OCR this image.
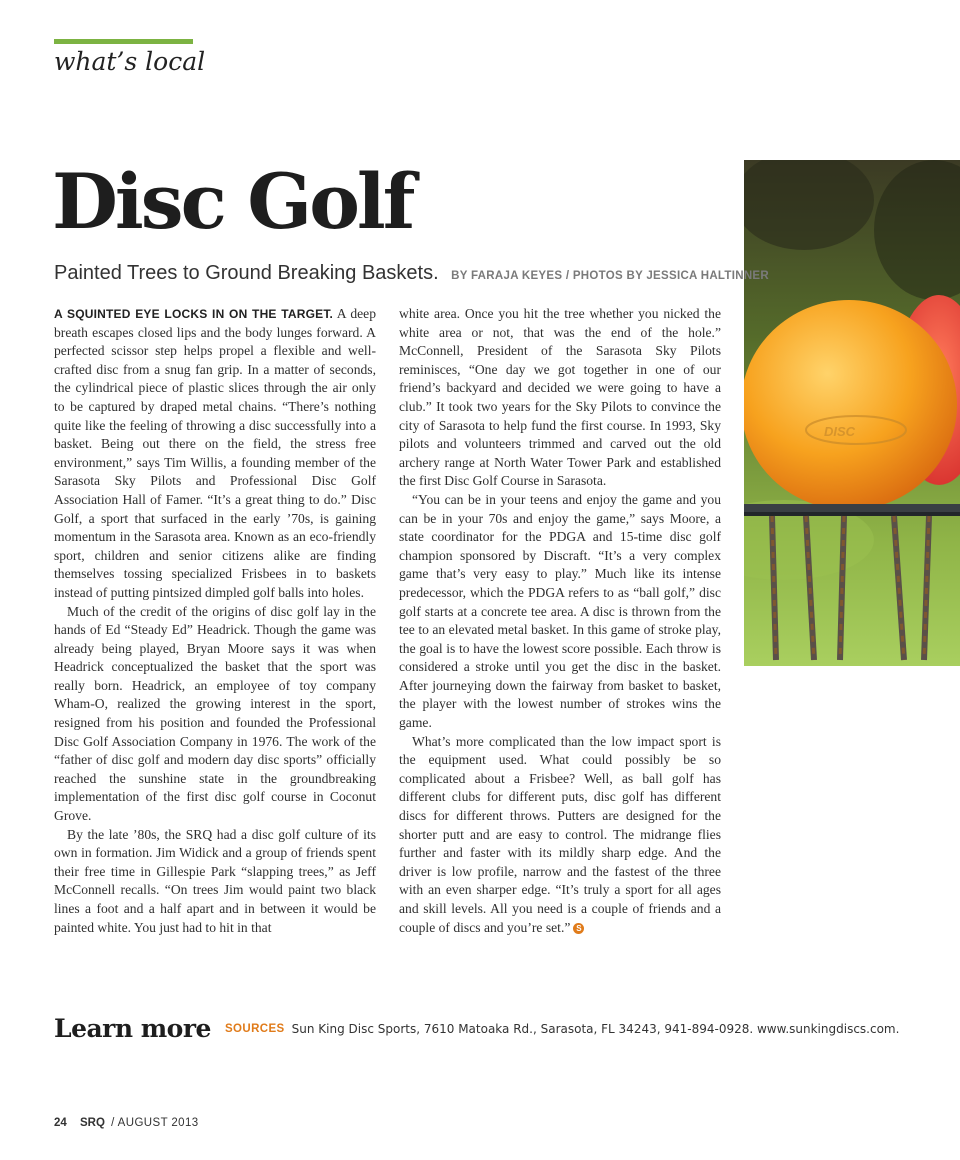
what’s local
DISC
Disc Golf
Painted Trees to Ground Breaking Baskets. BY FARAJA KEYES / PHOTOS BY JESSICA HALTINNER

A SQUINTED EYE LOCKS IN ON THE TARGET. A deep breath escapes closed lips and the body lunges forward. A perfected scissor step helps propel a flexible and well-crafted disc from a snug fan grip. In a matter of seconds, the cylindrical piece of plastic slices through the air only to be captured by draped metal chains. “There’s nothing quite like the feeling of throwing a disc successfully into a basket. Being out there on the field, the stress free environment,” says Tim Willis, a founding member of the Sarasota Sky Pilots and Professional Disc Golf Association Hall of Famer. “It’s a great thing to do.” Disc Golf, a sport that surfaced in the early ’70s, is gaining momentum in the Sarasota area. Known as an eco-friendly sport, children and senior citizens alike are finding themselves tossing specialized Frisbees in to baskets instead of putting pintsized dimpled golf balls into holes.

Much of the credit of the origins of disc golf lay in the hands of Ed “Steady Ed” Headrick. Though the game was already being played, Bryan Moore says it was when Headrick conceptualized the basket that the sport was really born. Headrick, an employee of toy company Wham-O, realized the growing interest in the sport, resigned from his position and founded the Professional Disc Golf Association Company in 1976. The work of the “father of disc golf and modern day disc sports” officially reached the sunshine state in the groundbreaking implementation of the first disc golf course in Coconut Grove.

By the late ’80s, the SRQ had a disc golf culture of its own in formation. Jim Widick and a group of friends spent their free time in Gillespie Park “slapping trees,” as Jeff McConnell recalls. “On trees Jim would paint two black lines a foot and a half apart and in between it would be painted white. You just had to hit in that

white area. Once you hit the tree whether you nicked the white area or not, that was the end of the hole.” McConnell, President of the Sarasota Sky Pilots reminisces, “One day we got together in one of our friend’s backyard and decided we were going to have a club.” It took two years for the Sky Pilots to convince the city of Sarasota to help fund the first course. In 1993, Sky pilots and volunteers trimmed and carved out the old archery range at North Water Tower Park and established the first Disc Golf Course in Sarasota.

“You can be in your teens and enjoy the game and you can be in your 70s and enjoy the game,” says Moore, a state coordinator for the PDGA and 15-time disc golf champion sponsored by Discraft. “It’s a very complex game that’s very easy to play.” Much like its intense predecessor, which the PDGA refers to as “ball golf,” disc golf starts at a concrete tee area. A disc is thrown from the tee to an elevated metal basket. In this game of stroke play, the goal is to have the lowest score possible. Each throw is considered a stroke until you get the disc in the basket. After journeying down the fairway from basket to basket, the player with the lowest number of strokes wins the game.

What’s more complicated than the low impact sport is the equipment used. What could possibly be so complicated about a Frisbee? Well, as ball golf has different clubs for different puts, disc golf has different discs for different throws. Putters are designed for the shorter putt and are easy to control. The midrange flies further and faster with its mildly sharp edge. And the driver is low profile, narrow and the fastest of the three with an even sharper edge. “It’s truly a sport for all ages and skill levels. All you need is a couple of friends and a couple of discs and you’re set.” S

Learn more SOURCES Sun King Disc Sports, 7610 Matoaka Rd., Sarasota, FL 34243, 941-894-0928. www.sunkingdiscs.com.
24 SRQ / AUGUST 2013
